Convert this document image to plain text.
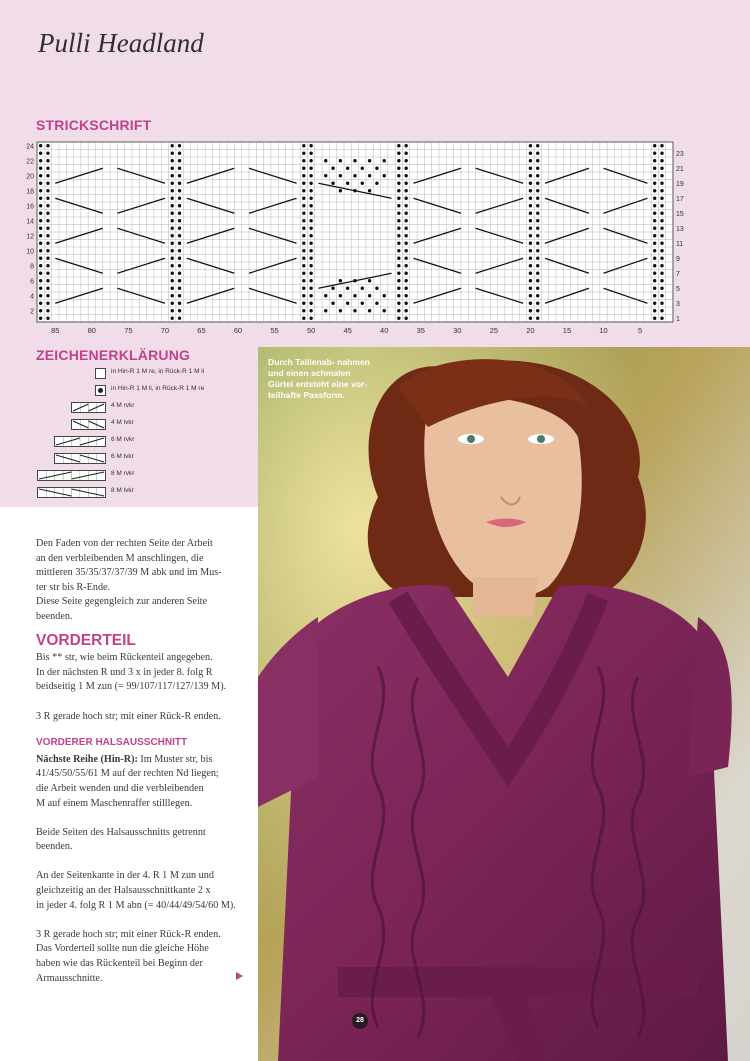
Pulli Headland
STRICKSCHRIFT
24
22
20
18
16
14
12
10
8
6
4
2
23
21
19
17
15
13
11
9
7
5
3
1
85	80	75	70	65	60	55	50	45	40	35	30	25	20	15	10	5
ZEICHENERKLÄRUNG
in Hin-R 1 M re, in Rück-R 1 M li
in Hin-R 1 M li, in Rück-R 1 M re
4 M rvkr
4 M lvkr
6 M rvkr
6 M lvkr
8 M rvkr
8 M lvkr
Den Faden von der rechten Seite der Arbeit
an den verbleibenden M anschlingen, die
mittleren 35/35/37/37/39 M abk und im Mus-
ter str bis R-Ende.
Diese Seite gegengleich zur anderen Seite
beenden.
VORDERTEIL
Bis ** str, wie beim Rückenteil angegeben.
In der nächsten R und 3 x in jeder 8. folg R
beidseitig 1 M zun (= 99/107/117/127/139 M).
3 R gerade hoch str; mit einer Rück-R enden.
VORDERER HALSAUSSCHNITT
Nächste Reihe (Hin-R): Im Muster str, bis
41/45/50/55/61 M auf der rechten Nd liegen;
die Arbeit wenden und die verbleibenden
M auf einem Maschenraffer stilllegen.
Beide Seiten des Halsausschnitts getrennt
beenden.
An der Seitenkante in der 4. R 1 M zun und
gleichzeitig an der Halsausschnittkante 2 x
in jeder 4. folg R 1 M abn (= 40/44/49/54/60 M).
3 R gerade hoch str; mit einer Rück-R enden.
Das Vorderteil sollte nun die gleiche Höhe
haben wie das Rückenteil bei Beginn der
Armausschnitte.
Durch Taillenab- nahmen und einen schmalen Gürtel entsteht eine vor- teilhafte Passform.
28
